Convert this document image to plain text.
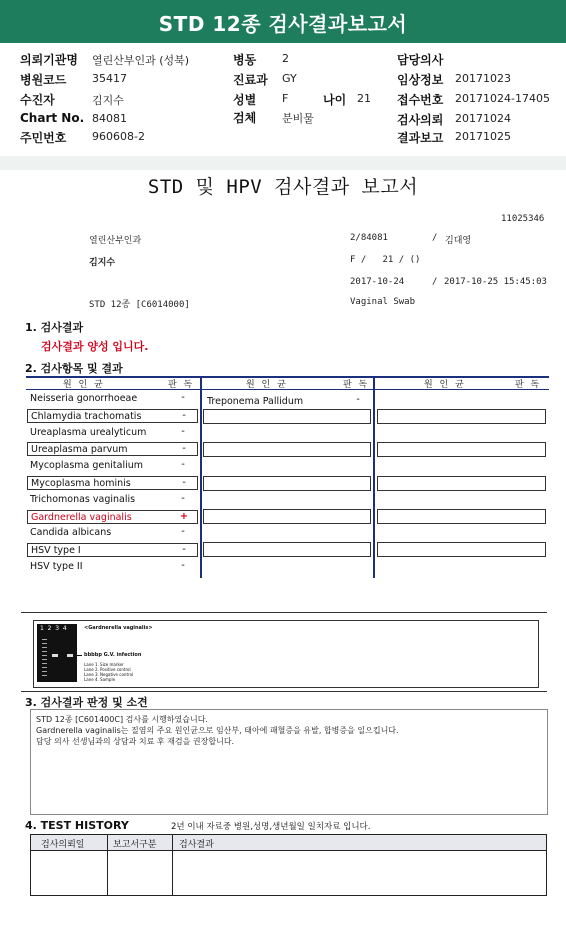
STD 12종 검사결과보고서
의뢰기관명 열린산부인과 (성북)	병동 2	담당의사
병원코드 35417	진료과 GY	임상정보 20171023
수진자	김지수	성별 F	나이 21 접수번호 20171024-17405
Chart No. 84081	검체 분비물	검사의뢰 20171024
주민번호 960608-2	결과보고 20171025
STD 및 HPV 검사결과 보고서
11025346
열린산부인과	2/84081	/ 김대영
김지수	F /   21 / ()
2017-10-24	/ 2017-10-25 15:45:03
STD 12종 [C6014000]	Vaginal Swab
1. 검사결과
검사결과 양성 입니다.
2. 검사항목 및 결과
원 인 균	판 독	원 인 균	판 독	원 인 균	판 독
Neisseria gonorrhoeae	-
Chlamydia trachomatis	-
Ureaplasma urealyticum	-
Ureaplasma parvum	-
Mycoplasma genitalium	-
Mycoplasma hominis	-
Trichomonas vaginalis	-
Gardnerella vaginalis	+
Candida albicans	-
HSV type I	-
HSV type II	-
Treponema Pallidum	-
1  2  3  4	<Gardnerella vaginalis>
bbbbp G.V. infection
Lane 1. Size marker
Lane 2. Positive control
Lane 3. Negative control
Lane 4. Sample
3. 검사결과 판정 및 소견
STD 12종 [C601400C] 검사를 시행하였습니다.
Gardnerella vaginalis는 질염의 주요 원인균으로 임산부, 태아에 패혈증을 유발, 합병증을 일으킵니다.
담당 의사 선생님과의 상담과 치료 후 재검을 권장합니다.
4. TEST HISTORY	2년 이내 자료중 병원,성명,생년월일 일치자료 입니다.
검사의뢰일	보고서구분	검사결과
